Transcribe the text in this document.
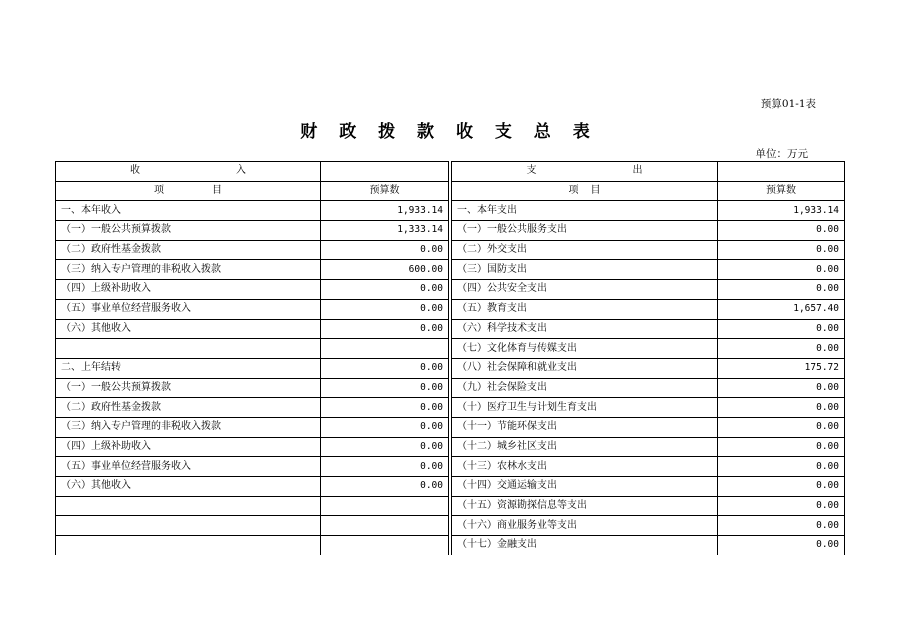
预算01-1表
财 政 拨 款 收 支 总 表
单位：万元
收 入			支 出	
项 目	预算数		项 目	预算数
一、本年收入	1,933.14		一、本年支出	1,933.14
（一）一般公共预算拨款	1,333.14		（一）一般公共服务支出	0.00
（二）政府性基金拨款	0.00		（二）外交支出	0.00
（三）纳入专户管理的非税收入拨款	600.00		（三）国防支出	0.00
（四）上级补助收入	0.00		（四）公共安全支出	0.00
（五）事业单位经营服务收入	0.00		（五）教育支出	1,657.40
（六）其他收入	0.00		（六）科学技术支出	0.00
			（七）文化体育与传媒支出	0.00
二、上年结转	0.00		（八）社会保障和就业支出	175.72
（一）一般公共预算拨款	0.00		（九）社会保险支出	0.00
（二）政府性基金拨款	0.00		（十）医疗卫生与计划生育支出	0.00
（三）纳入专户管理的非税收入拨款	0.00		（十一）节能环保支出	0.00
（四）上级补助收入	0.00		（十二）城乡社区支出	0.00
（五）事业单位经营服务收入	0.00		（十三）农林水支出	0.00
（六）其他收入	0.00		（十四）交通运输支出	0.00
			（十五）资源勘探信息等支出	0.00
			（十六）商业服务业等支出	0.00
			（十七）金融支出	0.00
